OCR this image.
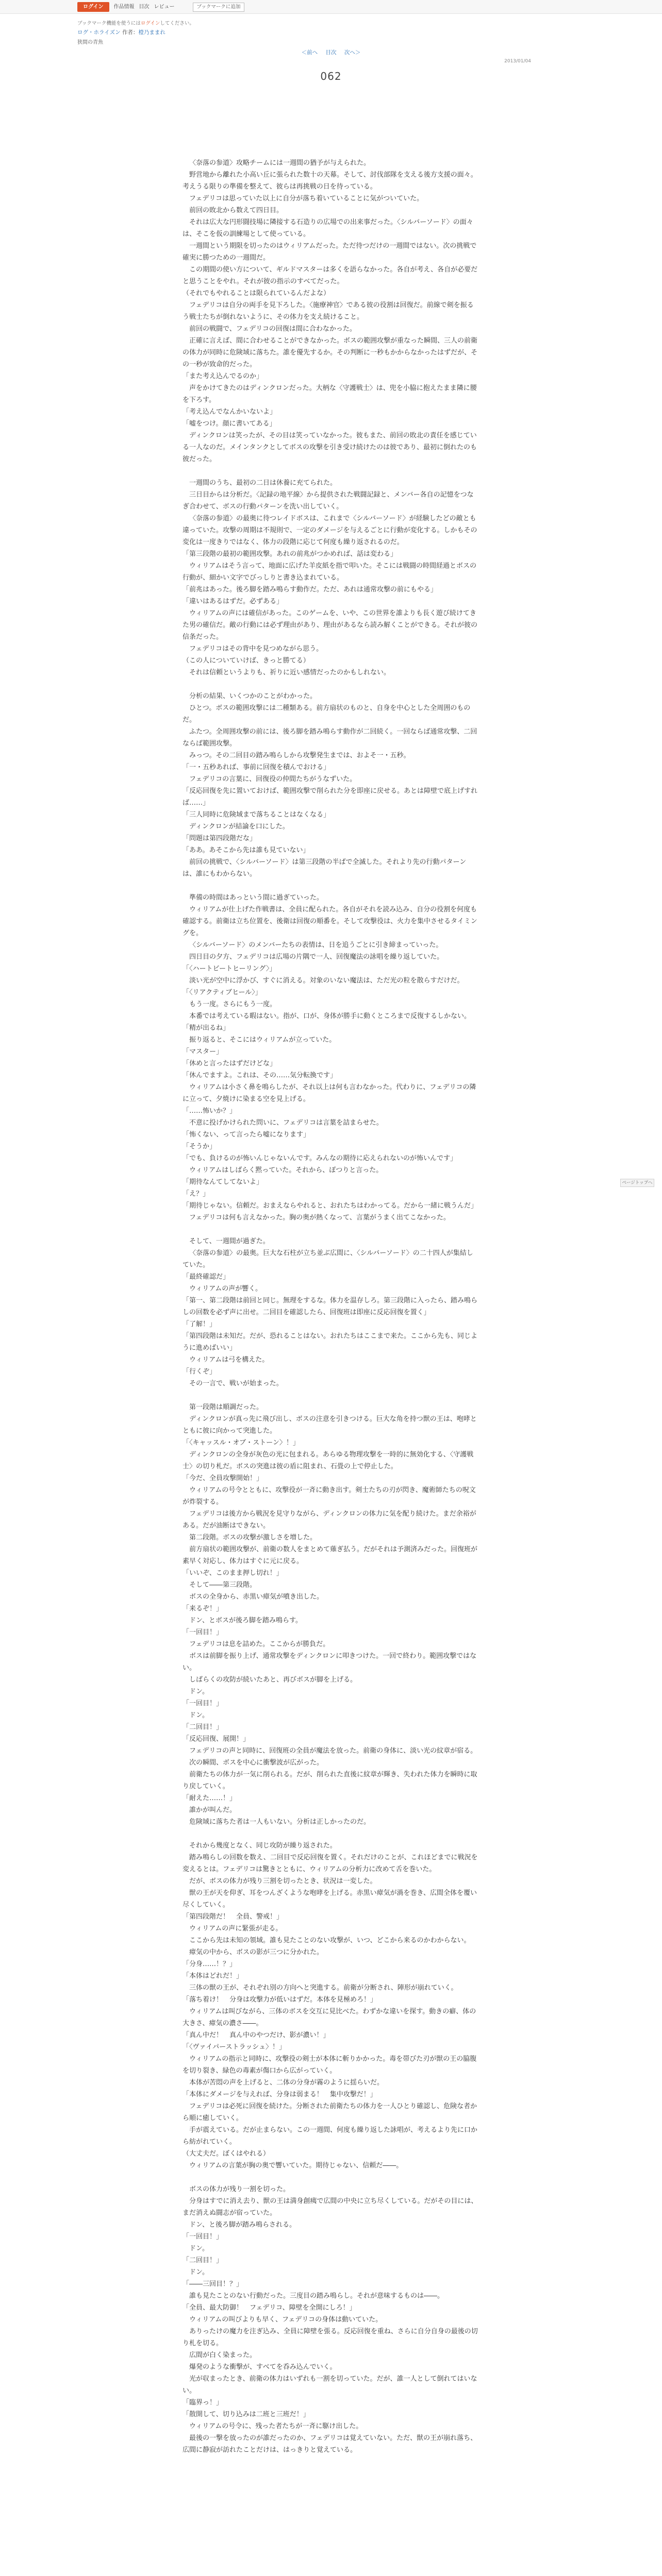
ログイン	作品情報 目次 レビュー	ブックマークに追加
ブックマーク機能を使うにはログインしてください。
ログ・ホライズン 作者：橙乃ままれ
狭間の青魚
＜前へ 目次 次へ＞
2013/01/04
062

〈奈落の参道〉攻略チームには一週間の猶予が与えられた。

野営地から離れた小高い丘に張られた数十の天幕。そして、討伐部隊を支える後方支援の面々。考えうる限りの準備を整えて、彼らは再挑戦の日を待っている。

フェデリコは思っていた以上に自分が落ち着いていることに気がついていた。

前回の敗北から数えて四日目。

それは広大な円形闘技場に隣接する石造りの広場での出来事だった。〈シルバーソード〉の面々は、そこを仮の訓練場として使っている。

一週間という期限を切ったのはウィリアムだった。ただ待つだけの一週間ではない。次の挑戦で確実に勝つための一週間だ。

この期間の使い方について、ギルドマスターは多くを語らなかった。各自が考え、各自が必要だと思うことをやれ。それが彼の指示のすべてだった。

（それでもやれることは限られているんだよな）

フェデリコは自分の両手を見下ろした。〈施療神官〉である彼の役割は回復だ。前線で剣を振るう戦士たちが倒れないように、その体力を支え続けること。

前回の戦闘で、フェデリコの回復は間に合わなかった。

正確に言えば、間に合わせることができなかった。ボスの範囲攻撃が重なった瞬間、三人の前衛の体力が同時に危険域に落ちた。誰を優先するか。その判断に一秒もかからなかったはずだが、その一秒が致命的だった。

「また考え込んでるのか」

声をかけてきたのはディンクロンだった。大柄な〈守護戦士〉は、兜を小脇に抱えたまま隣に腰を下ろす。

「考え込んでなんかいないよ」

「嘘をつけ。顔に書いてある」

ディンクロンは笑ったが、その目は笑っていなかった。彼もまた、前回の敗北の責任を感じている一人なのだ。メインタンクとしてボスの攻撃を引き受け続けたのは彼であり、最初に倒れたのも彼だった。

一週間のうち、最初の二日は休養に充てられた。

三日目からは分析だ。〈記録の地平線〉から提供された戦闘記録と、メンバー各自の記憶をつなぎ合わせて、ボスの行動パターンを洗い出していく。

〈奈落の参道〉の最奥に待つレイドボスは、これまで〈シルバーソード〉が経験したどの敵とも違っていた。攻撃の周期は不規則で、一定のダメージを与えるごとに行動が変化する。しかもその変化は一度きりではなく、体力の段階に応じて何度も繰り返されるのだ。

「第三段階の最初の範囲攻撃。あれの前兆がつかめれば、話は変わる」

ウィリアムはそう言って、地面に広げた羊皮紙を指で叩いた。そこには戦闘の時間経過とボスの行動が、細かい文字でびっしりと書き込まれている。

「前兆はあった。後ろ脚を踏み鳴らす動作だ。ただ、あれは通常攻撃の前にもやる」

「違いはあるはずだ。必ずある」

ウィリアムの声には確信があった。このゲームを、いや、この世界を誰よりも長く遊び続けてきた男の確信だ。敵の行動には必ず理由があり、理由があるなら読み解くことができる。それが彼の信条だった。

フェデリコはその背中を見つめながら思う。

（この人についていけば、きっと勝てる）

それは信頼というよりも、祈りに近い感情だったのかもしれない。

分析の結果、いくつかのことがわかった。

ひとつ。ボスの範囲攻撃には二種類ある。前方扇状のものと、自身を中心とした全周囲のものだ。

ふたつ。全周囲攻撃の前には、後ろ脚を踏み鳴らす動作が二回続く。一回ならば通常攻撃、二回ならば範囲攻撃。

みっつ。その二回目の踏み鳴らしから攻撃発生までは、およそ一・五秒。

「一・五秒あれば、事前に回復を積んでおける」

フェデリコの言葉に、回復役の仲間たちがうなずいた。

「反応回復を先に置いておけば、範囲攻撃で削られた分を即座に戻せる。あとは障壁で底上げすれば……」

「三人同時に危険域まで落ちることはなくなる」

ディンクロンが結論を口にした。

「問題は第四段階だな」

「ああ。あそこから先は誰も見ていない」

前回の挑戦で、〈シルバーソード〉は第三段階の半ばで全滅した。それより先の行動パターンは、誰にもわからない。

準備の時間はあっという間に過ぎていった。

ウィリアムが仕上げた作戦書は、全員に配られた。各自がそれを読み込み、自分の役割を何度も確認する。前衛は立ち位置を、後衛は回復の順番を。そして攻撃役は、火力を集中させるタイミングを。

〈シルバーソード〉のメンバーたちの表情は、日を追うごとに引き締まっていった。

四日目の夕方、フェデリコは広場の片隅で一人、回復魔法の詠唱を繰り返していた。

「〈ハートビートヒーリング〉」

淡い光が空中に浮かび、すぐに消える。対象のいない魔法は、ただ光の粒を散らすだけだ。

「〈リアクティブヒール〉」

もう一度。さらにもう一度。

本番では考えている暇はない。指が、口が、身体が勝手に動くところまで反復するしかない。

「精が出るね」

振り返ると、そこにはウィリアムが立っていた。

「マスター」

「休めと言ったはずだけどな」

「休んでますよ。これは、その……気分転換です」

ウィリアムは小さく鼻を鳴らしたが、それ以上は何も言わなかった。代わりに、フェデリコの隣に立って、夕焼けに染まる空を見上げる。

「……怖いか？」

不意に投げかけられた問いに、フェデリコは言葉を詰まらせた。

「怖くない、って言ったら嘘になります」

「そうか」

「でも、負けるのが怖いんじゃないんです。みんなの期待に応えられないのが怖いんです」

ウィリアムはしばらく黙っていた。それから、ぽつりと言った。

「期待なんてしてないよ」

「え？」

「期待じゃない。信頼だ。おまえならやれると、おれたちはわかってる。だから一緒に戦うんだ」

フェデリコは何も言えなかった。胸の奥が熱くなって、言葉がうまく出てこなかった。

そして、一週間が過ぎた。

〈奈落の参道〉の最奥。巨大な石柱が立ち並ぶ広間に、〈シルバーソード〉の二十四人が集結していた。

「最終確認だ」

ウィリアムの声が響く。

「第一、第二段階は前回と同じ。無理をするな。体力を温存しろ。第三段階に入ったら、踏み鳴らしの回数を必ず声に出せ。二回目を確認したら、回復班は即座に反応回復を置く」

「了解！」

「第四段階は未知だ。だが、恐れることはない。おれたちはここまで来た。ここから先も、同じように進めばいい」

ウィリアムは弓を構えた。

「行くぞ」

その一言で、戦いが始まった。

第一段階は順調だった。

ディンクロンが真っ先に飛び出し、ボスの注意を引きつける。巨大な角を持つ獣の王は、咆哮とともに彼に向かって突進した。

「〈キャッスル・オブ・ストーン〉！」

ディンクロンの全身が灰色の光に包まれる。あらゆる物理攻撃を一時的に無効化する、〈守護戦士〉の切り札だ。ボスの突進は彼の盾に阻まれ、石畳の上で停止した。

「今だ、全員攻撃開始！」

ウィリアムの号令とともに、攻撃役が一斉に動き出す。剣士たちの刃が閃き、魔術師たちの呪文が炸裂する。

フェデリコは後方から戦況を見守りながら、ディンクロンの体力に気を配り続けた。まだ余裕がある。だが油断はできない。

第二段階。ボスの攻撃が激しさを増した。

前方扇状の範囲攻撃が、前衛の数人をまとめて薙ぎ払う。だがそれは予測済みだった。回復班が素早く対応し、体力はすぐに元に戻る。

「いいぞ、このまま押し切れ！」

そして――第三段階。

ボスの全身から、赤黒い瘴気が噴き出した。

「来るぞ！」

ドン、とボスが後ろ脚を踏み鳴らす。

「一回目！」

フェデリコは息を詰めた。ここからが勝負だ。

ボスは前脚を振り上げ、通常攻撃をディンクロンに叩きつけた。一回で終わり。範囲攻撃ではない。

しばらくの攻防が続いたあと、再びボスが脚を上げる。

ドン。

「一回目！」

ドン。

「二回目！」

「反応回復、展開！」

フェデリコの声と同時に、回復班の全員が魔法を放った。前衛の身体に、淡い光の紋章が宿る。

次の瞬間、ボスを中心に衝撃波が広がった。

前衛たちの体力が一気に削られる。だが、削られた直後に紋章が輝き、失われた体力を瞬時に取り戻していく。

「耐えた……！」

誰かが叫んだ。

危険域に落ちた者は一人もいない。分析は正しかったのだ。

それから幾度となく、同じ攻防が繰り返された。

踏み鳴らしの回数を数え、二回目で反応回復を置く。それだけのことが、これほどまでに戦況を変えるとは。フェデリコは驚きとともに、ウィリアムの分析力に改めて舌を巻いた。

だが、ボスの体力が残り三割を切ったとき、状況は一変した。

獣の王が天を仰ぎ、耳をつんざくような咆哮を上げる。赤黒い瘴気が渦を巻き、広間全体を覆い尽くしていく。

「第四段階だ！　全員、警戒！」

ウィリアムの声に緊張が走る。

ここから先は未知の領域。誰も見たことのない攻撃が、いつ、どこから来るのかわからない。

瘴気の中から、ボスの影が三つに分かれた。

「分身……！？」

「本体はどれだ！」

三体の獣の王が、それぞれ別の方向へと突進する。前衛が分断され、陣形が崩れていく。

「落ち着け！　分身は攻撃力が低いはずだ。本体を見極めろ！」

ウィリアムは叫びながら、三体のボスを交互に見比べた。わずかな違いを探す。動きの癖、体の大きさ、瘴気の濃さ――。

「真ん中だ！　真ん中のやつだけ、影が濃い！」

「〈ヴァイパーストラッシュ〉！」

ウィリアムの指示と同時に、攻撃役の剣士が本体に斬りかかった。毒を帯びた刃が獣の王の脇腹を切り裂き、緑色の毒素が傷口から広がっていく。

本体が苦悶の声を上げると、二体の分身が霧のように揺らいだ。

「本体にダメージを与えれば、分身は弱まる！　集中攻撃だ！」

フェデリコは必死に回復を続けた。分断された前衛たちの体力を一人ひとり確認し、危険な者から順に癒していく。

手が震えている。だが止まらない。この一週間、何度も繰り返した詠唱が、考えるより先に口から紡がれていく。

（大丈夫だ。ぼくはやれる）

ウィリアムの言葉が胸の奥で響いていた。期待じゃない、信頼だ――。

ボスの体力が残り一割を切った。

分身はすでに消え去り、獣の王は満身創痍で広間の中央に立ち尽くしている。だがその目には、まだ消えぬ闘志が宿っていた。

ドン、と後ろ脚が踏み鳴らされる。

「一回目！」

ドン。

「二回目！」

ドン。

「――三回目！？」

誰も見たことのない行動だった。三度目の踏み鳴らし。それが意味するものは――。

「全員、最大防御！　フェデリコ、障壁を全開にしろ！」

ウィリアムの叫びよりも早く、フェデリコの身体は動いていた。

ありったけの魔力を注ぎ込み、全員に障壁を張る。反応回復を重ね、さらに自分自身の最後の切り札を切る。

広間が白く染まった。

爆発のような衝撃が、すべてを呑み込んでいく。

光が収まったとき、前衛の体力はいずれも一割を切っていた。だが、誰一人として倒れてはいない。

「臨界っ！」

「散開して、切り込みは二班と三班だ！」

ウィリアムの号令に、残った者たちが一斉に駆け出した。

最後の一撃を放ったのが誰だったのか、フェデリコは覚えていない。ただ、獣の王が崩れ落ち、広間に静寂が訪れたことだけは、はっきりと覚えている。

ページトップへ
